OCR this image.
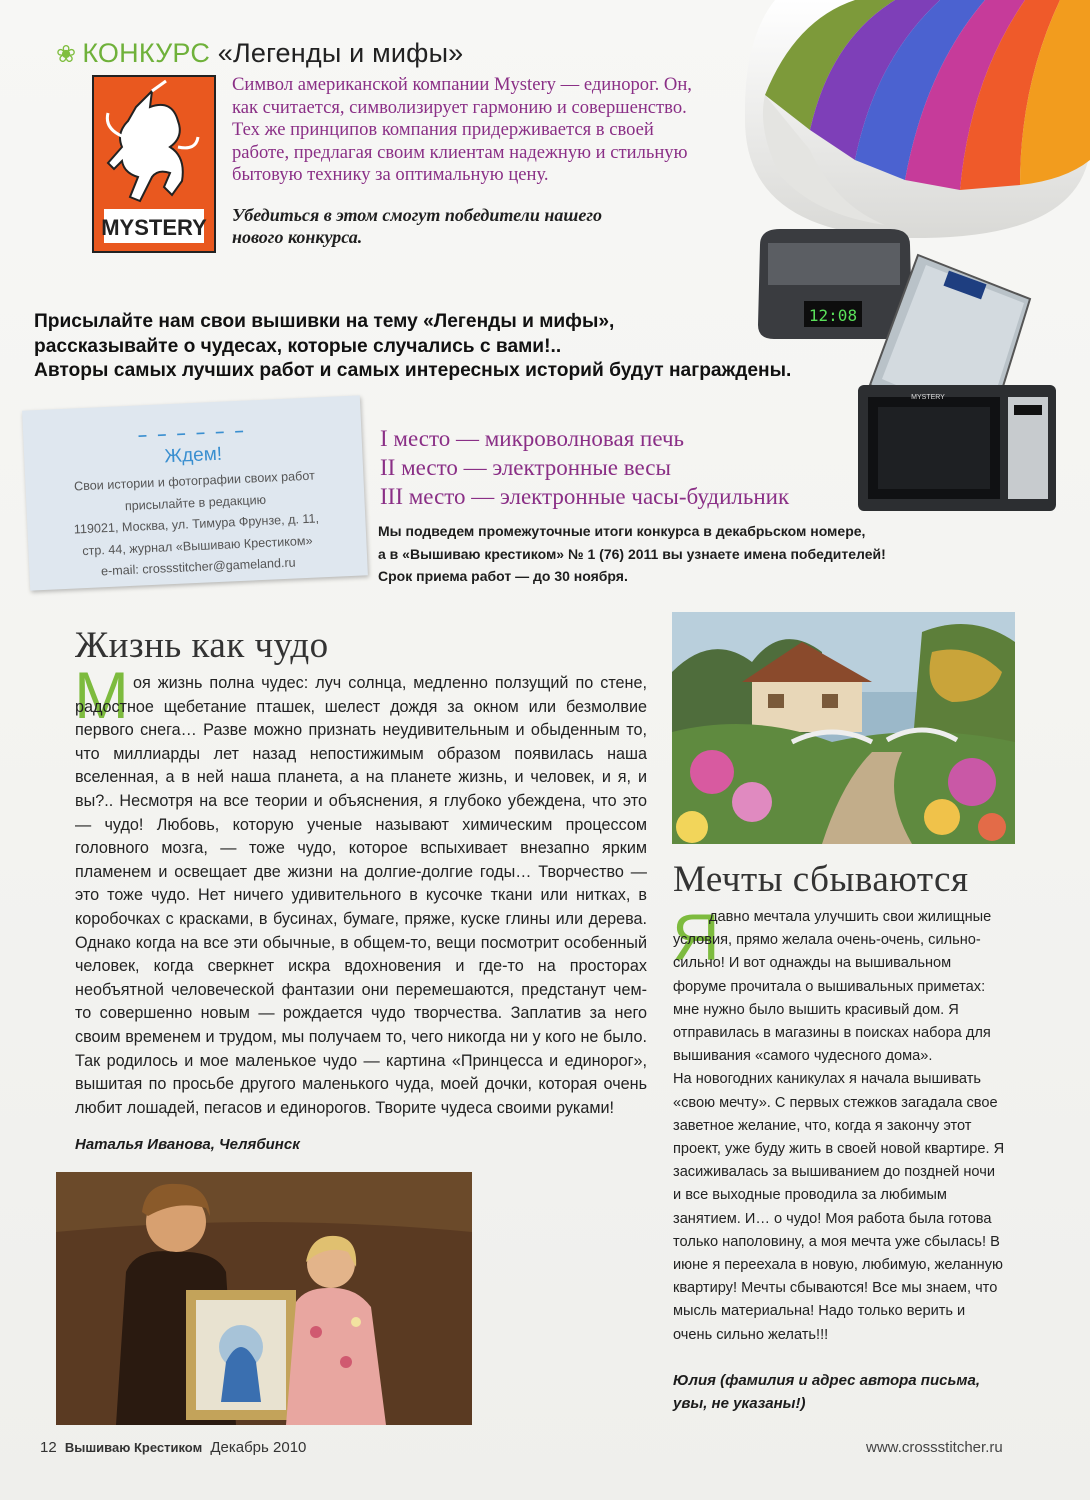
❀ КОНКУРС «Легенды и мифы»
MYSTERY
Символ американской компании Mystery — единорог. Он, как считается, символизирует гармонию и совершенство. Тех же принципов компания придерживается в своей работе, предлагая своим клиентам надежную и стильную бытовую технику за оптимальную цену.
Убедиться в этом смогут победители нашего нового конкурса.
12:08
MYSTERY
Присылайте нам свои вышивки на тему «Легенды и мифы»,
рассказывайте о чудесах, которые случались с вами!..
Авторы самых лучших работ и самых интересных историй будут награждены.
– – – – – –
Ждем!
Свои истории и фотографии своих работ
присылайте в редакцию
119021, Москва, ул. Тимура Фрунзе, д. 11,
стр. 44, журнал «Вышиваю Крестиком»
e-mail: crossstitcher@gameland.ru
I место — микроволновая печь
II место — электронные весы
III место — электронные часы-будильник
Мы подведем промежуточные итоги конкурса в декабрьском номере,
а в «Вышиваю крестиком» № 1 (76) 2011 вы узнаете имена победителей!
Срок приема работ — до 30 ноября.
Жизнь как чудо
М оя жизнь полна чудес: луч солнца, медленно ползущий по стене, радостное щебетание пташек, шелест дождя за окном или безмолвие первого снега… Разве можно признать неудивительным и обыденным то, что миллиарды лет назад непостижимым образом появилась наша вселенная, а в ней наша планета, а на планете жизнь, и человек, и я, и вы?.. Несмотря на все теории и объяснения, я глубоко убеждена, что это — чудо! Любовь, которую ученые называют химическим процессом головного мозга, — тоже чудо, которое вспыхивает внезапно ярким пламенем и освещает две жизни на долгие-долгие годы… Творчество — это тоже чудо. Нет ничего удивительного в кусочке ткани или нитках, в коробочках с красками, в бусинах, бумаге, пряже, куске глины или дерева. Однако когда на все эти обычные, в общем-то, вещи посмотрит особенный человек, когда сверкнет искра вдохновения и где-то на просторах необъятной человеческой фантазии они перемешаются, предстанут чем-то совершенно новым — рождается чудо творчества. Заплатив за него своим временем и трудом, мы получаем то, чего никогда ни у кого не было. Так родилось и мое маленькое чудо — картина «Принцесса и единорог», вышитая по просьбе другого маленького чуда, моей дочки, которая очень любит лошадей, пегасов и единорогов. Творите чудеса своими руками!

Наталья Иванова, Челябинск
Мечты сбываются
Я
давно мечтала улучшить свои жилищные условия, прямо желала очень-очень, сильно-сильно! И вот однажды на вышивальном форуме прочитала о вышивальных приметах: мне нужно было вышить красивый дом. Я отправилась в магазины в поисках набора для вышивания «самого чудесного дома».
На новогодних каникулах я начала вышивать «свою мечту». С первых стежков загадала свое заветное желание, что, когда я закончу этот проект, уже буду жить в своей новой квартире. Я засиживалась за вышиванием до поздней ночи и все выходные проводила за любимым занятием. И… о чудо! Моя работа была готова только наполовину, а моя мечта уже сбылась! В июне я переехала в новую, любимую, желанную квартиру! Мечты сбываются! Все мы знаем, что мысль материальна! Надо только верить и очень сильно желать!!!
Юлия (фамилия и адрес автора письма, увы, не указаны!)
12 Вышиваю Крестиком Декабрь 2010	www.crossstitcher.ru
